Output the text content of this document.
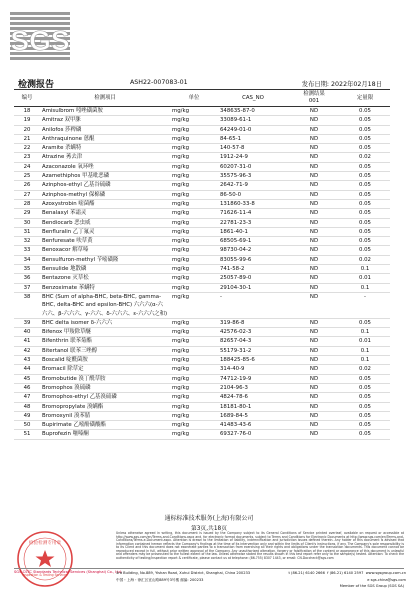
SGS
检测报告	ASH22-007083-01	发布日期: 2022年02月18日
编号	检测项目	单位	CAS_NO	检测结果
001	定量限
18	Amisulbrom 吲唑磺菌胺	mg/kg	348635-87-0	ND	0.05
19	Amitraz 双甲脒	mg/kg	33089-61-1	ND	0.05
20	Anilofos 莎稗磷	mg/kg	64249-01-0	ND	0.05
21	Anthraquinone 蒽醌	mg/kg	84-65-1	ND	0.05
22	Aramite 杀螨特	mg/kg	140-57-8	ND	0.05
23	Atrazine 莠去津	mg/kg	1912-24-9	ND	0.02
24	Azaconazole 氧环唑	mg/kg	60207-31-0	ND	0.05
25	Azamethiphos 甲基吡恶磷	mg/kg	35575-96-3	ND	0.05
26	Azinphos-ethyl 乙基谷硫磷	mg/kg	2642-71-9	ND	0.05
27	Azinphos-methyl 保棉磷	mg/kg	86-50-0	ND	0.05
28	Azoxystrobin 嘧菌酯	mg/kg	131860-33-8	ND	0.05
29	Benalaxyl 苯霜灵	mg/kg	71626-11-4	ND	0.05
30	Bendiocarb 恶虫威	mg/kg	22781-23-3	ND	0.05
31	Benfluralin 乙丁氟灵	mg/kg	1861-40-1	ND	0.05
32	Benfuresate 呋草黄	mg/kg	68505-69-1	ND	0.05
33	Benoxacor 解草嗪	mg/kg	98730-04-2	ND	0.05
34	Bensulfuron-methyl 苄嘧磺隆	mg/kg	83055-99-6	ND	0.02
35	Bensulide 地散磷	mg/kg	741-58-2	ND	0.1
36	Bentazone 灭草松	mg/kg	25057-89-0	ND	0.01
37	Benzoximate 苯螨特	mg/kg	29104-30-1	ND	0.1
38	BHC (Sum of alpha-BHC, beta-BHC, gamma-BHC, delta-BHC and epsilon-BHC) 六六六(α-六六六、β-六六六、γ-六六、δ-六六六、ε-六六六之和)	mg/kg	-	ND	-
39	BHC delta isomer δ-六六六	mg/kg	319-86-8	ND	0.05
40	Bifenox 甲羧除草醚	mg/kg	42576-02-3	ND	0.1
41	Bifenthrin 联苯菊酯	mg/kg	82657-04-3	ND	0.01
42	Bitertanol 联苯三唑醇	mg/kg	55179-31-2	ND	0.1
43	Boscalid 啶酰菌胺	mg/kg	188425-85-6	ND	0.1
44	Bromacil 除草定	mg/kg	314-40-9	ND	0.02
45	Bromobutide 溴丁酰草胺	mg/kg	74712-19-9	ND	0.05
46	Bromophos 溴硫磷	mg/kg	2104-96-3	ND	0.05
47	Bromophos-ethyl 乙基溴硫磷	mg/kg	4824-78-6	ND	0.05
48	Bromopropylate 溴螨酯	mg/kg	18181-80-1	ND	0.05
49	Bromoxynil 溴苯腈	mg/kg	1689-84-5	ND	0.05
50	Bupirimate 乙嘧酚磺酸酯	mg/kg	41483-43-6	ND	0.05
51	Buprofezin 噻嗪酮	mg/kg	69327-76-0	ND	0.05
通标标准技术服务(上海)有限公司
第3页,共18页
检验检测专用章
Inspection & Testing Services
Unless otherwise agreed in writing, this document is issued by the Company subject to its General Conditions of Service printed overleaf, available on request or accessible at http://www.sgs.com/en/Terms-and-Conditions.aspx and, for electronic format documents, subject to Terms and Conditions for Electronic Documents at http://www.sgs.com/en/Terms-and-Conditions/Terms-e-Document.aspx. Attention is drawn to the limitation of liability, indemnification and jurisdiction issues defined therein. Any holder of this document is advised that information contained hereon reflects the Company's findings at the time of its intervention only and within the limits of Client's instructions, if any. The Company's sole responsibility is to its Client and this document does not exonerate parties to a transaction from exercising all their rights and obligations under the transaction documents. This document cannot be reproduced except in full, without prior written approval of the Company. Any unauthorized alteration, forgery or falsification of the content or appearance of this document is unlawful and offenders may be prosecuted to the fullest extent of the law. Unless otherwise stated the results shown in this test report refer only to the sample(s) tested. Attention: To check the authenticity of testing/inspection report & certificate, please contact us at telephone: (86-755) 8307 1443, or email: CN.Doccheck@sgs.com
SGS-CSTC Standards Technical Services (Shanghai) Co., Ltd.
3rd Building, No.889, Yishan Road, Xuhui District, Shanghai, China 200233
中国・上海・徐汇区宜山路889号3号楼 邮编: 200233
t (86-21) 6140 2666 f (86-21) 6140 2597 www.sgsgroup.com.cn
e sgs.china@sgs.com
Member of the SGS Group (SGS SA)
